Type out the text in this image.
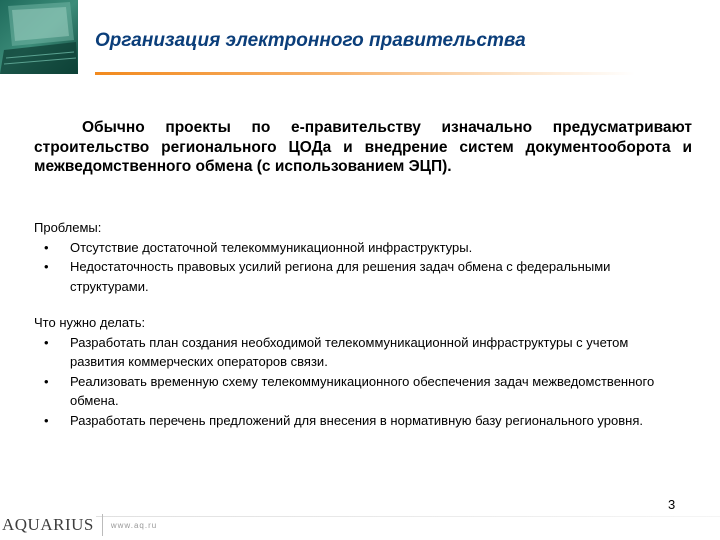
Организация электронного правительства
Обычно проекты по е-правительству изначально предусматривают строительство регионального ЦОДа и внедрение систем документооборота и межведомственного обмена (с использованием ЭЦП).
Проблемы:
• Отсутствие достаточной телекоммуникационной инфраструктуры.
• Недостаточность правовых усилий региона для решения задач обмена с федеральными структурами.
Что нужно делать:
• Разработать план создания необходимой телекоммуникационной инфраструктуры с учетом развития коммерческих операторов связи.
• Реализовать временную схему телекоммуникационного обеспечения задач межведомственного обмена.
• Разработать перечень предложений для внесения в нормативную базу регионального уровня.
3
AQUARIUS www.aq.ru
